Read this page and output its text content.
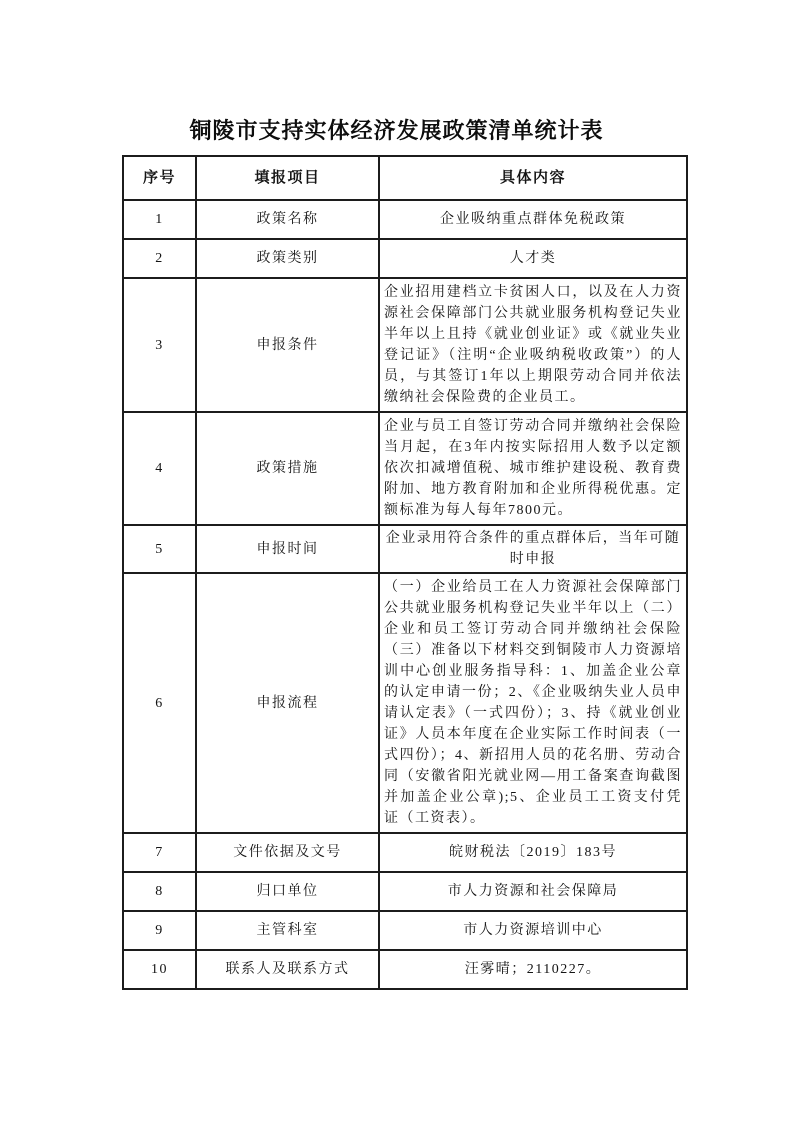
铜陵市支持实体经济发展政策清单统计表
序号	填报项目	具体内容
1	政策名称	企业吸纳重点群体免税政策
2	政策类别	人才类
3	申报条件	企业招用建档立卡贫困人口，以及在人力资源社会保障部门公共就业服务机构登记失业半年以上且持《就业创业证》或《就业失业登记证》（注明“企业吸纳税收政策”）的人员，与其签订1年以上期限劳动合同并依法缴纳社会保险费的企业员工。
4	政策措施	企业与员工自签订劳动合同并缴纳社会保险当月起，在3年内按实际招用人数予以定额依次扣减增值税、城市维护建设税、教育费附加、地方教育附加和企业所得税优惠。定额标准为每人每年7800元。
5	申报时间	企业录用符合条件的重点群体后，当年可随时申报
6	申报流程	（一）企业给员工在人力资源社会保障部门公共就业服务机构登记失业半年以上（二）企业和员工签订劳动合同并缴纳社会保险（三）准备以下材料交到铜陵市人力资源培训中心创业服务指导科：1、加盖企业公章的认定申请一份；2、《企业吸纳失业人员申请认定表》（一式四份）；3、持《就业创业证》人员本年度在企业实际工作时间表（一式四份）；4、新招用人员的花名册、劳动合同（安徽省阳光就业网—用工备案查询截图并加盖企业公章);5、企业员工工资支付凭证（工资表）。
7	文件依据及文号	皖财税法〔2019〕183号
8	归口单位	市人力资源和社会保障局
9	主管科室	市人力资源培训中心
10	联系人及联系方式	汪雾晴；2110227。
